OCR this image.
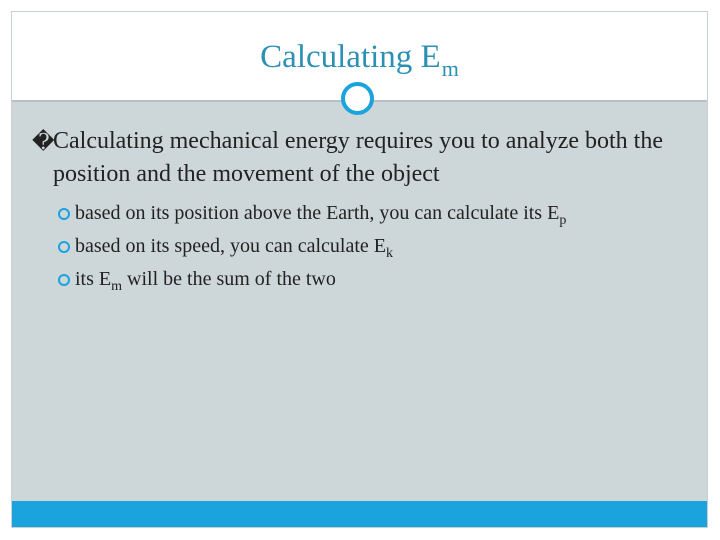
Calculating $E_m$
�
Calculating mechanical energy requires you to analyze both the position and the movement of the object
based on its position above the Earth, you can calculate its $E_p$
based on its speed, you can calculate $E_k$
its $E_m$ will be the sum of the two
